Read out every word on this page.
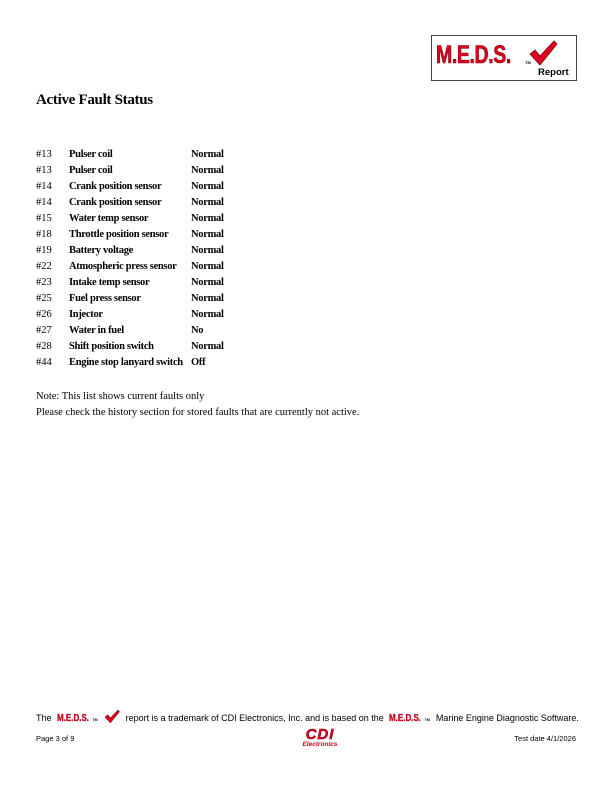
M.E.D.S.	TM
Report
Active Fault Status
#13 Pulser coil	Normal
#13 Pulser coil	Normal
#14 Crank position sensor	Normal
#14 Crank position sensor	Normal
#15 Water temp sensor	Normal
#18 Throttle position sensor Normal
#19 Battery voltage	Normal
#22 Atmospheric press sensor Normal
#23 Intake temp sensor	Normal
#25 Fuel press sensor	Normal
#26 Injector	Normal
#27 Water in fuel	No
#28 Shift position switch	Normal
#44 Engine stop lanyard switch Off
Note: This list shows current faults only
Please check the history section for stored faults that are currently not active.
The M.E.D.S. TM	report is a trademark of CDI Electronics, Inc. and is based on the M.E.D.S. TM Marine Engine Diagnostic Software.
Page 3 of 9	CDI
Electronics
Test date 4/1/2026
